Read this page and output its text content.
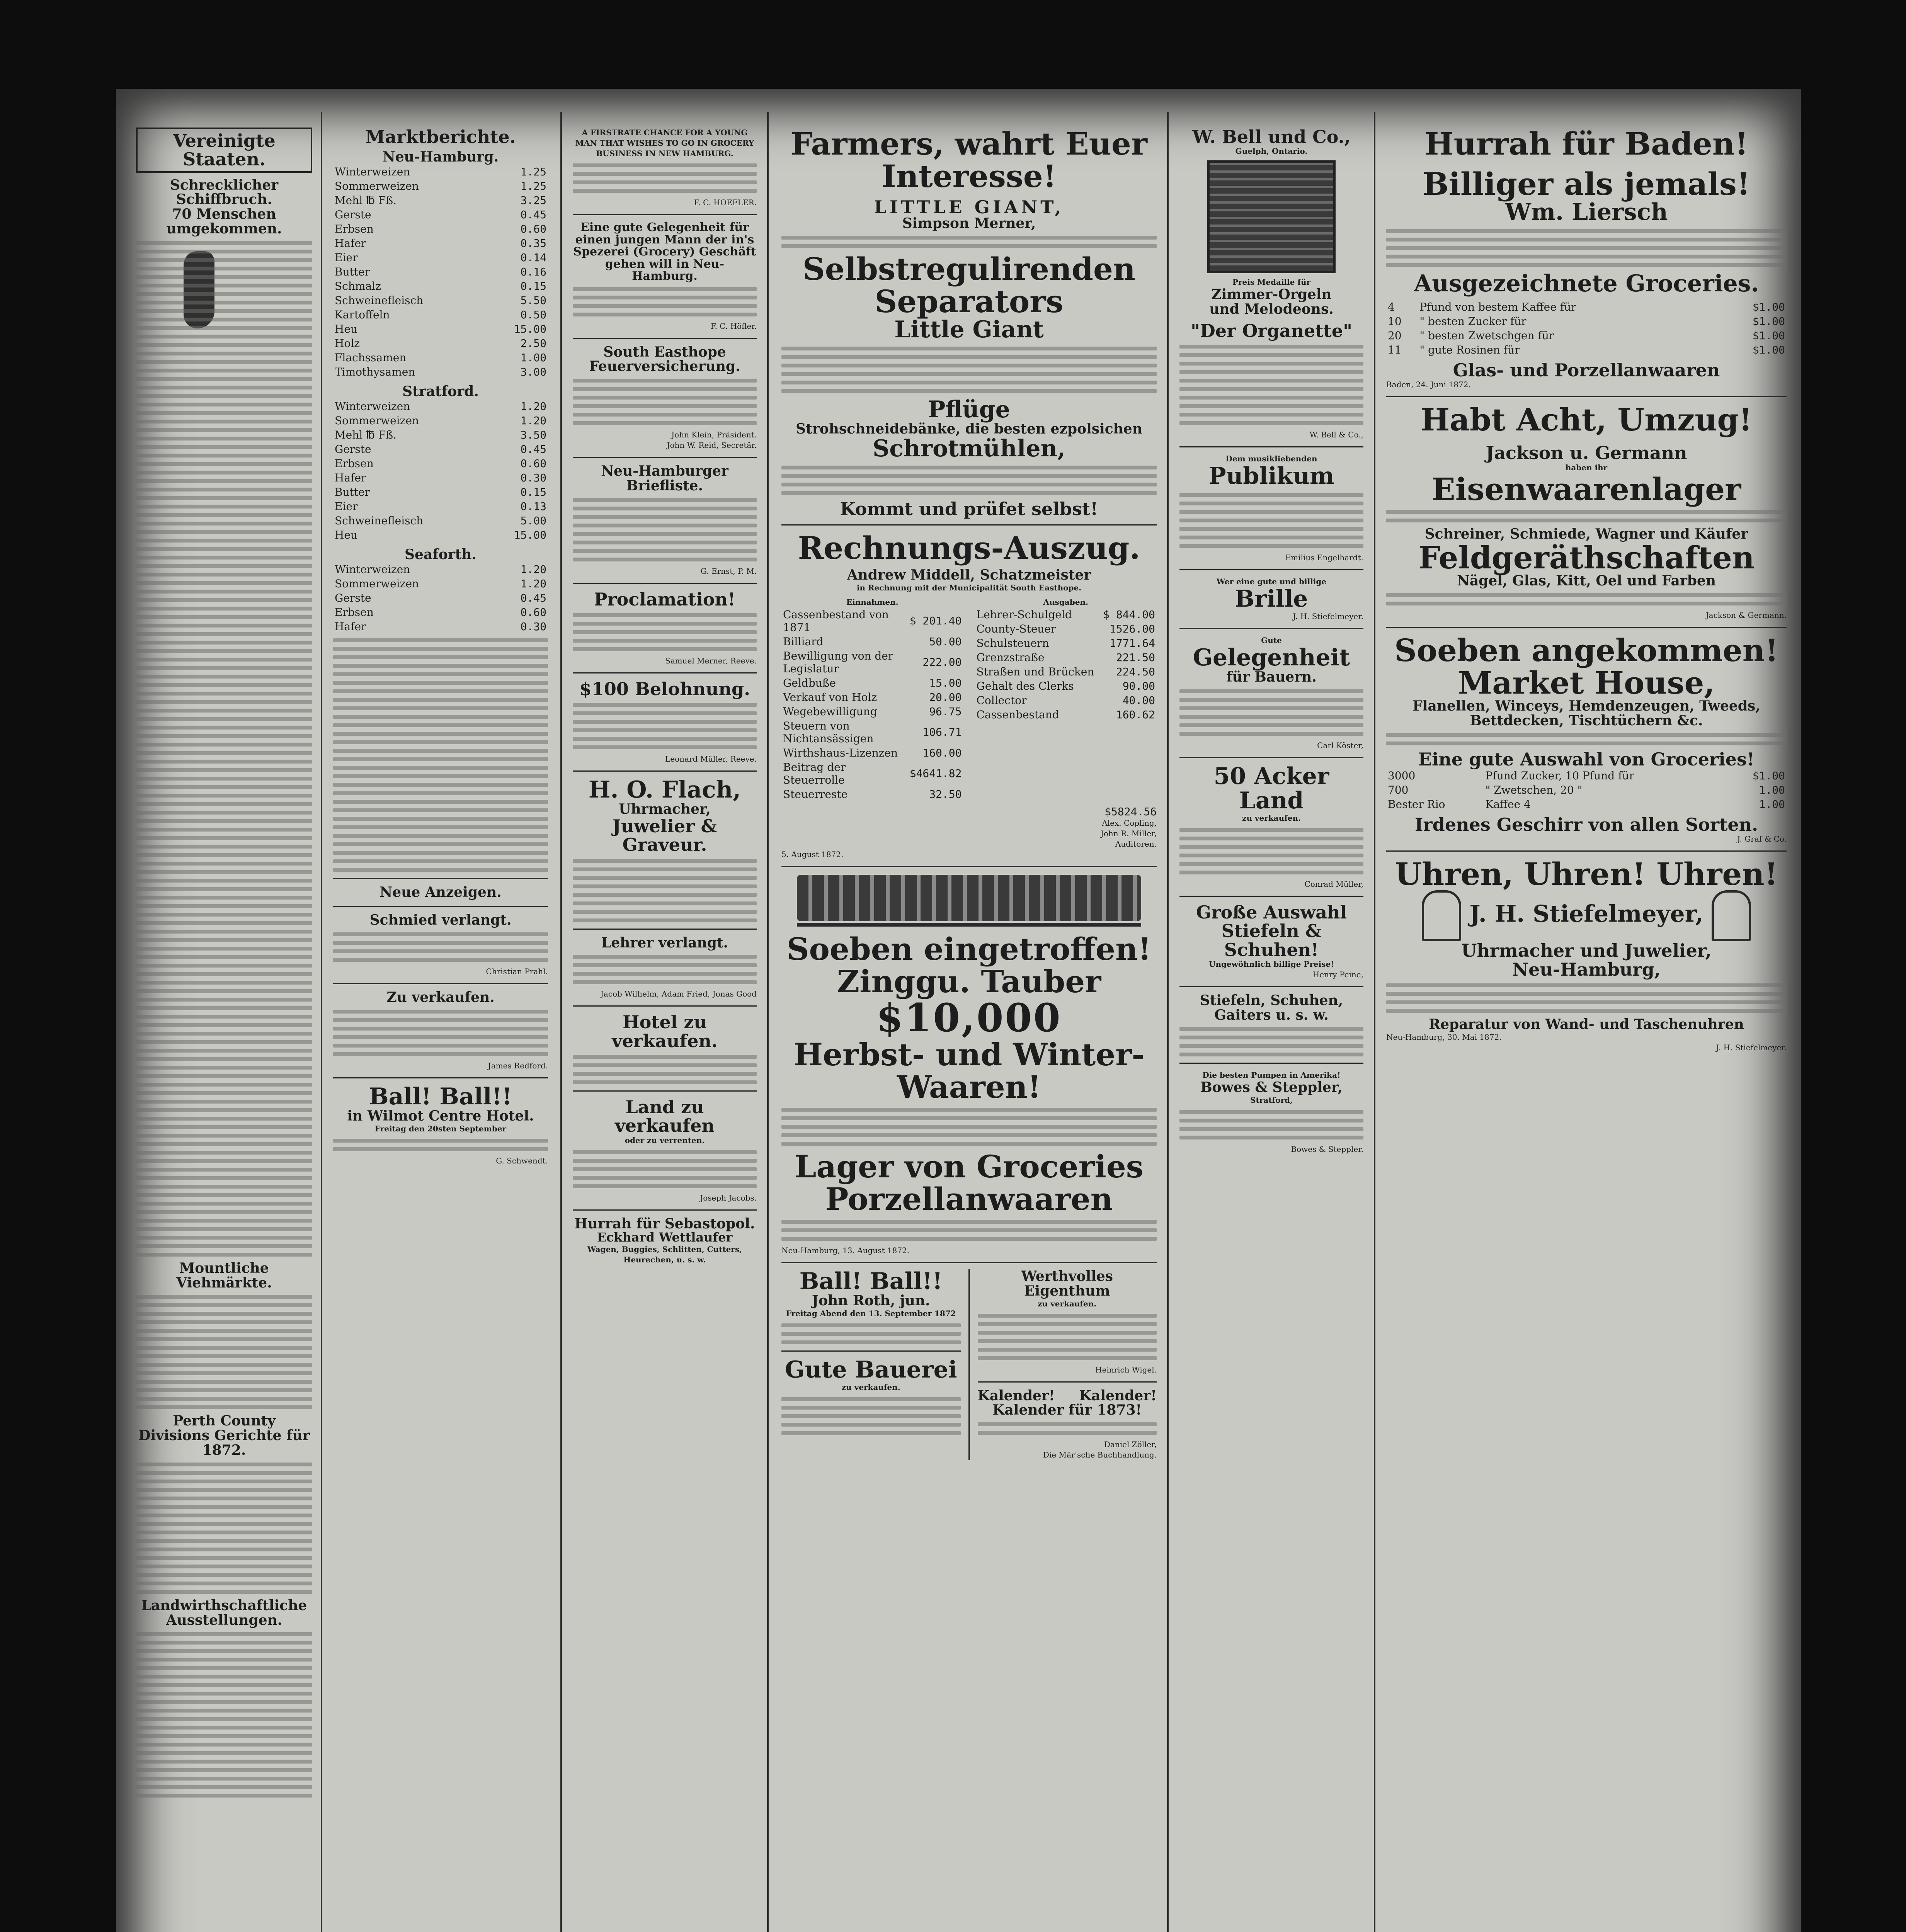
Vereinigte Staaten.
Schrecklicher Schiffbruch.
70 Menschen umgekommen.
Mountliche Viehmärkte.
Perth County Divisions Gerichte für 1872.
Landwirthschaftliche Ausstellungen.
Marktberichte.
Neu-Hamburg.
Winterweizen	1.25
Sommerweizen	1.25
Mehl ℔ Fß.	3.25
Gerste	0.45
Erbsen	0.60
Hafer	0.35
Eier	0.14
Butter	0.16
Schmalz	0.15
Schweinefleisch	5.50
Kartoffeln	0.50
Heu	15.00
Holz	2.50
Flachssamen	1.00
Timothysamen	3.00
Stratford.
Winterweizen	1.20
Sommerweizen	1.20
Mehl ℔ Fß.	3.50
Gerste	0.45
Erbsen	0.60
Hafer	0.30
Butter	0.15
Eier	0.13
Schweinefleisch	5.00
Heu	15.00
Seaforth.
Winterweizen	1.20
Sommerweizen	1.20
Gerste	0.45
Erbsen	0.60
Hafer	0.30
Neue Anzeigen.
Schmied verlangt.
Christian Prahl.
Zu verkaufen.
James Redford.
Ball! Ball!!
in Wilmot Centre Hotel.
Freitag den 20sten September
G. Schwendt.
A FIRSTRATE CHANCE FOR A YOUNG MAN THAT WISHES TO GO IN GROCERY BUSINESS IN NEW HAMBURG.
F. C. HOEFLER.
Eine gute Gelegenheit für einen jungen Mann der in's Spezerei (Grocery) Geschäft gehen will in Neu-Hamburg.
F. C. Höfler.
South Easthope Feuerversicherung.
John Klein, Präsident.
John W. Reid, Secretär.
Neu-Hamburger Briefliste.
G. Ernst, P. M.
Proclamation!
Samuel Merner, Reeve.
$100 Belohnung.
Leonard Müller, Reeve.
H. O. Flach,
Uhrmacher,
Juwelier & Graveur.
Lehrer verlangt.
Jacob Wilhelm, Adam Fried, Jonas Good
Hotel zu verkaufen.
Land zu verkaufen
oder zu verrenten.
Joseph Jacobs.
Hurrah für Sebastopol.
Eckhard Wettlaufer
Wagen, Buggies, Schlitten, Cutters, Heurechen, u. s. w.
Farmers, wahrt Euer Interesse!
LITTLE GIANT,
Simpson Merner,
Selbstregulirenden Separators
Little Giant
Pflüge
Strohschneidebänke, die besten ezpolsichen
Schrotmühlen,
Kommt und prüfet selbst!
Rechnungs-Auszug.
Andrew Middell, Schatzmeister
in Rechnung mit der Municipalität South Easthope.
Einnahmen.
Cassenbestand von 1871	$ 201.40
Billiard	50.00
Bewilligung von der Legislatur	222.00
Geldbuße	15.00
Verkauf von Holz	20.00
Wegebewilligung	96.75
Steuern von Nichtansässigen	106.71
Wirthshaus-Lizenzen	160.00
Beitrag der Steuerrolle	$4641.82
Steuerreste	32.50
Ausgaben.
Lehrer-Schulgeld	$ 844.00
County-Steuer	1526.00
Schulsteuern	1771.64
Grenzstraße	221.50
Straßen und Brücken	224.50
Gehalt des Clerks	90.00
Collector	40.00
Cassenbestand	160.62
$5824.56
Alex. Copling,
John R. Miller,
Auditoren.
5. August 1872.
Soeben eingetroffen!
Zinggu. Tauber
$10,000
Herbst- und Winter-Waaren!
Lager von Groceries
Porzellanwaaren
Neu-Hamburg, 13. August 1872.
Ball! Ball!!
John Roth, jun.
Freitag Abend den 13. September 1872
Gute Bauerei
zu verkaufen.
Werthvolles Eigenthum
zu verkaufen.
Heinrich Wigel.
Kalender! Kalender!
Kalender für 1873!
Daniel Zöller,
Die Mär'sche Buchhandlung.
W. Bell und Co.,
Guelph, Ontario.
Preis Medaille für
Zimmer-Orgeln
und Melodeons.
"Der Organette"
W. Bell & Co.,
Dem musikliebenden
Publikum
Emilius Engelhardt.
Wer eine gute und billige
Brille
J. H. Stiefelmeyer.
Gute
Gelegenheit
für Bauern.
Carl Köster,
50 Acker Land
zu verkaufen.
Conrad Müller,
Große Auswahl
Stiefeln & Schuhen!
Ungewöhnlich billige Preise!
Henry Peine,
Stiefeln, Schuhen,
Gaiters u. s. w.
Die besten Pumpen in Amerika!
Bowes & Steppler,
Stratford,
Bowes & Steppler.
Hurrah für Baden!
Billiger als jemals!
Wm. Liersch
Ausgezeichnete Groceries.
4	Pfund von bestem Kaffee für	$1.00
10	" besten Zucker für	$1.00
20	" besten Zwetschgen für	$1.00
11	" gute Rosinen für	$1.00
Glas- und Porzellanwaaren
Baden, 24. Juni 1872.
Habt Acht, Umzug!
Jackson u. Germann
haben ihr
Eisenwaarenlager
Schreiner, Schmiede, Wagner und Käufer
Feldgeräthschaften
Nägel, Glas, Kitt, Oel und Farben
Jackson & Germann.
Soeben angekommen!
Market House,
Flanellen, Winceys, Hemdenzeugen, Tweeds,
Bettdecken, Tischtüchern &c.
Eine gute Auswahl von Groceries!
3000	Pfund Zucker, 10 Pfund für	$1.00
700	" Zwetschen, 20 "	1.00
Bester Rio	Kaffee 4	1.00
Irdenes Geschirr von allen Sorten.
J. Graf & Co.
Uhren, Uhren! Uhren!
J. H. Stiefelmeyer,
Uhrmacher und Juwelier,
Neu-Hamburg,
Reparatur von Wand- und Taschenuhren
Neu-Hamburg, 30. Mai 1872.
J. H. Stiefelmeyer.
